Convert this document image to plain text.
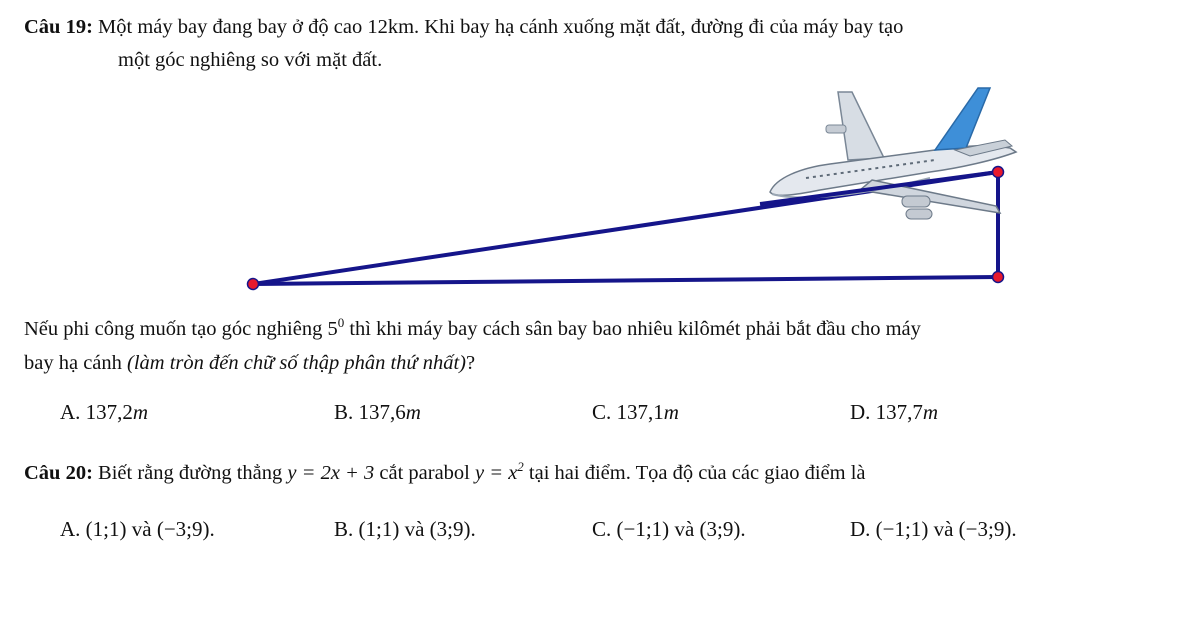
Câu 19: Một máy bay đang bay ở độ cao 12km. Khi bay hạ cánh xuống mặt đất, đường đi của máy bay tạo
một góc nghiêng so với mặt đất.
Nếu phi công muốn tạo góc nghiêng $5^0$ thì khi máy bay cách sân bay bao nhiêu kilômét phải bắt đầu cho máy
bay hạ cánh (làm tròn đến chữ số thập phân thứ nhất)?
A. 137,2m	B. 137,6m	C. 137,1m	D. 137,7m
Câu 20: Biết rằng đường thẳng y = 2x + 3 cắt parabol $y = x^2$ tại hai điểm. Tọa độ của các giao điểm là
A. (1;1) và (−3;9).	B. (1;1) và (3;9).	C. (−1;1) và (3;9).	D. (−1;1) và (−3;9).
